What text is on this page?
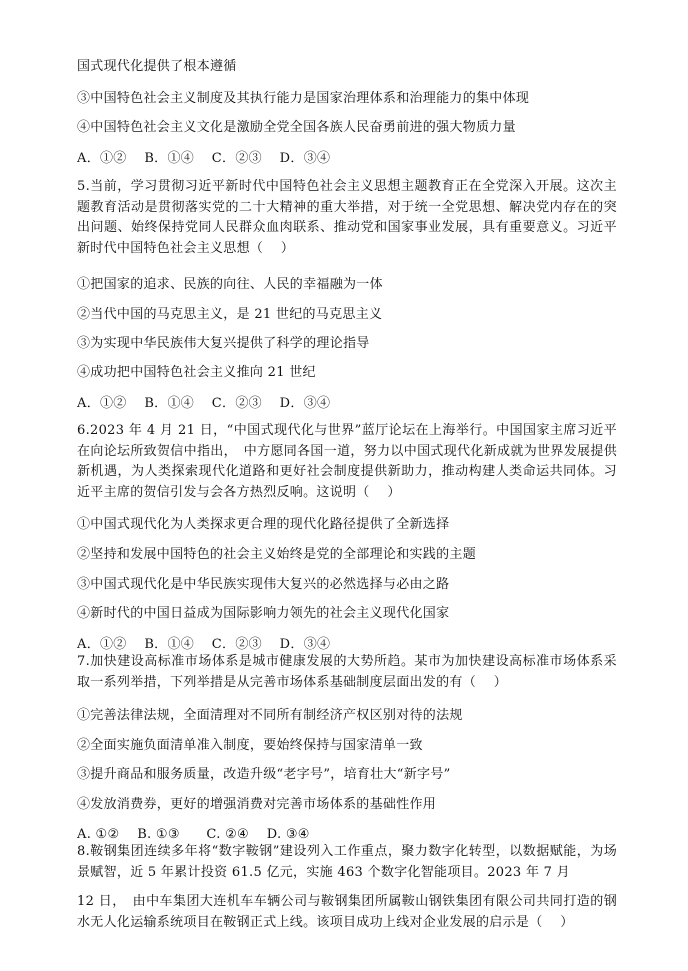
国式现代化提供了根本遵循
③中国特色社会主义制度及其执行能力是国家治理体系和治理能力的集中体现
④中国特色社会主义文化是激励全党全国各族人民奋勇前进的强大物质力量
A．①②　 B．①④　 C．②③　 D．③④
5.当前，学习贯彻习近平新时代中国特色社会主义思想主题教育正在全党深入开展。这次主题教育活动是贯彻落实党的二十大精神的重大举措，对于统一全党思想、解决党内存在的突出问题、始终保持党同人民群众血肉联系、推动党和国家事业发展，具有重要意义。习近平新时代中国特色社会主义思想（　 ）
①把国家的追求、民族的向往、人民的幸福融为一体
②当代中国的马克思主义，是 21 世纪的马克思主义
③为实现中华民族伟大复兴提供了科学的理论指导
④成功把中国特色社会主义推向 21 世纪
A．①②　 B．①④　 C．②③　 D．③④
6.2023 年 4 月 21 日，“中国式现代化与世界”蓝厅论坛在上海举行。中国国家主席习近平在向论坛所致贺信中指出，　中方愿同各国一道，努力以中国式现代化新成就为世界发展提供新机遇，为人类探索现代化道路和更好社会制度提供新助力，推动构建人类命运共同体。习近平主席的贺信引发与会各方热烈反响。这说明（　 ）
①中国式现代化为人类探求更合理的现代化路径提供了全新选择
②坚持和发展中国特色的社会主义始终是党的全部理论和实践的主题
③中国式现代化是中华民族实现伟大复兴的必然选择与必由之路
④新时代的中国日益成为国际影响力领先的社会主义现代化国家
A．①②　 B．①④　 C．②③　 D．③④
7.加快建设高标准市场体系是城市健康发展的大势所趋。某市为加快建设高标准市场体系采取一系列举措，下列举措是从完善市场体系基础制度层面出发的有（　 ）
①完善法律法规，全面清理对不同所有制经济产权区别对待的法规
②全面实施负面清单准入制度，要始终保持与国家清单一致
③提升商品和服务质量，改造升级“老字号”，培育壮大“新字号”
④发放消费券，更好的增强消费对完善市场体系的基础性作用
A. ①②　 B. ①③　　C. ②④　 D. ③④
8.鞍钢集团连续多年将“数字鞍钢”建设列入工作重点，聚力数字化转型，以数据赋能，为场景赋智，近 5 年累计投资 61.5 亿元，实施 463 个数字化智能项目。2023 年 7 月
12 日，　由中车集团大连机车车辆公司与鞍钢集团所属鞍山钢铁集团有限公司共同打造的钢水无人化运输系统项目在鞍钢正式上线。该项目成功上线对企业发展的启示是（　 ）
